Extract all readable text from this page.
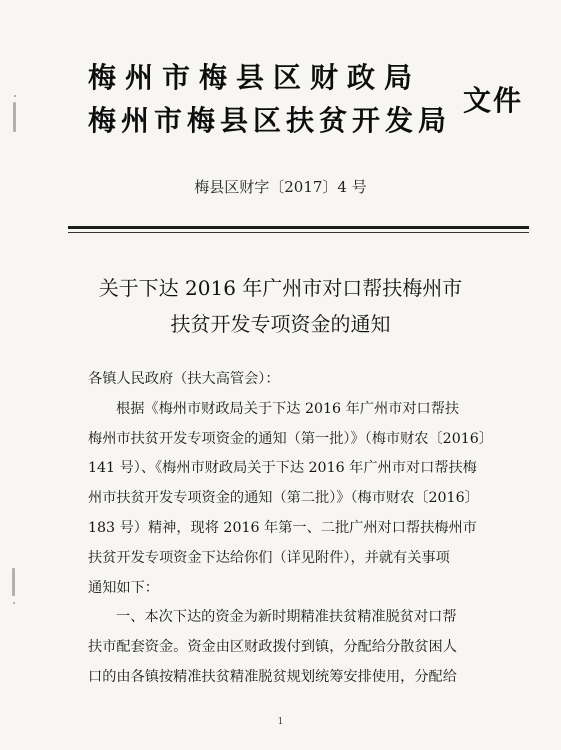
梅州市梅县区财政局
梅州市梅县区扶贫开发局
文件
梅县区财字〔2017〕4 号
关于下达 2016 年广州市对口帮扶梅州市
扶贫开发专项资金的通知

各镇人民政府（扶大高管会）：

根据《梅州市财政局关于下达 2016 年广州市对口帮扶

梅州市扶贫开发专项资金的通知（第一批）》（梅市财农〔2016〕

141 号）、《梅州市财政局关于下达 2016 年广州市对口帮扶梅

州市扶贫开发专项资金的通知（第二批）》（梅市财农〔2016〕

183 号）精神，现将 2016 年第一、二批广州对口帮扶梅州市

扶贫开发专项资金下达给你们（详见附件），并就有关事项

通知如下：

一、本次下达的资金为新时期精准扶贫精准脱贫对口帮

扶市配套资金。资金由区财政拨付到镇，分配给分散贫困人

口的由各镇按精准扶贫精准脱贫规划统筹安排使用，分配给

1
